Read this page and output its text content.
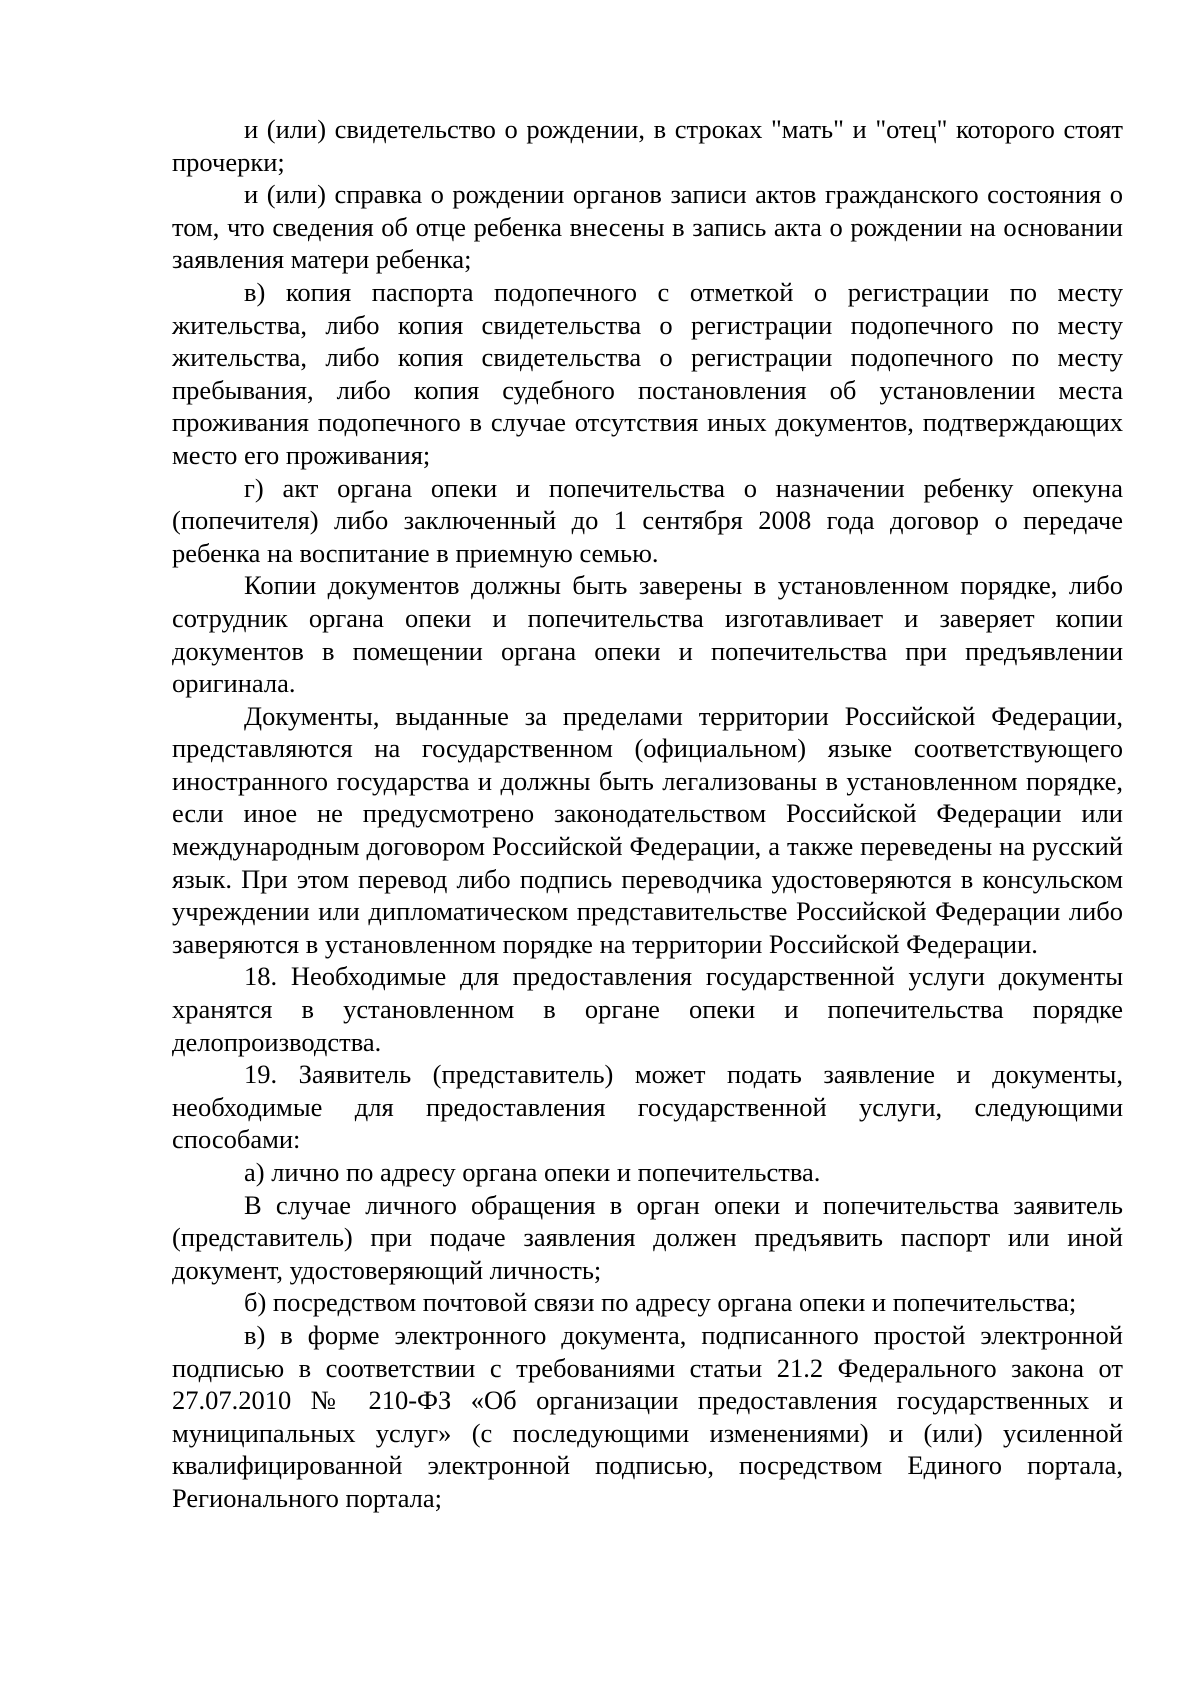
и (или) свидетельство о рождении, в строках "мать" и "отец" которого стоят прочерки;

и (или) справка о рождении органов записи актов гражданского состояния о том, что сведения об отце ребенка внесены в запись акта о рождении на основании заявления матери ребенка;

в) копия паспорта подопечного с отметкой о регистрации по месту жительства, либо копия свидетельства о регистрации подопечного по месту жительства, либо копия свидетельства о регистрации подопечного по месту пребывания, либо копия судебного постановления об установлении места проживания подопечного в случае отсутствия иных документов, подтверждающих место его проживания;

г) акт органа опеки и попечительства о назначении ребенку опекуна (попечителя) либо заключенный до 1 сентября 2008 года договор о передаче ребенка на воспитание в приемную семью.

Копии документов должны быть заверены в установленном порядке, либо сотрудник органа опеки и попечительства изготавливает и заверяет копии документов в помещении органа опеки и попечительства при предъявлении оригинала.

Документы, выданные за пределами территории Российской Федерации, представляются на государственном (официальном) языке соответствующего иностранного государства и должны быть легализованы в установленном порядке, если иное не предусмотрено законодательством Российской Федерации или международным договором Российской Федерации, а также переведены на русский язык. При этом перевод либо подпись переводчика удостоверяются в консульском учреждении или дипломатическом представительстве Российской Федерации либо заверяются в установленном порядке на территории Российской Федерации.

18. Необходимые для предоставления государственной услуги документы хранятся в установленном в органе опеки и попечительства порядке делопроизводства.

19. Заявитель (представитель) может подать заявление и документы, необходимые для предоставления государственной услуги, следующими способами:

а) лично по адресу органа опеки и попечительства.

В случае личного обращения в орган опеки и попечительства заявитель (представитель) при подаче заявления должен предъявить паспорт или иной документ, удостоверяющий личность;

б) посредством почтовой связи по адресу органа опеки и попечительства;

в) в форме электронного документа, подписанного простой электронной подписью в соответствии с требованиями статьи 21.2 Федерального закона от 27.07.2010 № 210-ФЗ «Об организации предоставления государственных и муниципальных услуг» (с последующими изменениями) и (или) усиленной квалифицированной электронной подписью, посредством Единого портала, Регионального портала;
